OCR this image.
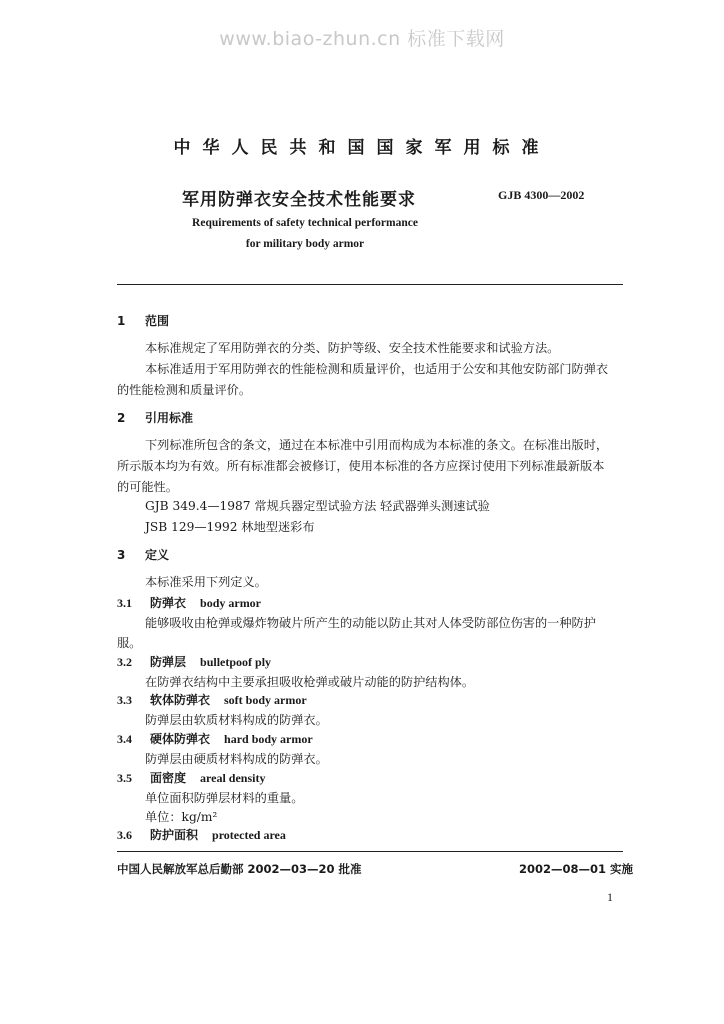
www.biao-zhun.cn 标准下载网
中华人民共和国国家军用标准
军用防弹衣安全技术性能要求	GJB 4300—2002
Requirements of safety technical performance
for military body armor
1 范围
本标准规定了军用防弹衣的分类、防护等级、安全技术性能要求和试验方法。
本标准适用于军用防弹衣的性能检测和质量评价，也适用于公安和其他安防部门防弹衣
的性能检测和质量评价。
2 引用标准
下列标准所包含的条文，通过在本标准中引用而构成为本标准的条文。在标准出版时，
所示版本均为有效。所有标准都会被修订，使用本标准的各方应探讨使用下列标准最新版本
的可能性。
GJB 349.4—1987 常规兵器定型试验方法 轻武器弹头测速试验
JSB 129—1992 林地型迷彩布
3 定义
本标准采用下列定义。
3.1 防弹衣 body armor
能够吸收由枪弹或爆炸物破片所产生的动能以防止其对人体受防部位伤害的一种防护
服。
3.2 防弹层 bulletpoof ply
在防弹衣结构中主要承担吸收枪弹或破片动能的防护结构体。
3.3 软体防弹衣 soft body armor
防弹层由软质材料构成的防弹衣。
3.4 硬体防弹衣 hard body armor
防弹层由硬质材料构成的防弹衣。
3.5 面密度 areal density
单位面积防弹层材料的重量。
单位：kg/m²
3.6 防护面积 protected area
中国人民解放军总后勤部 2002—03—20 批准	2002—08—01 实施
1
